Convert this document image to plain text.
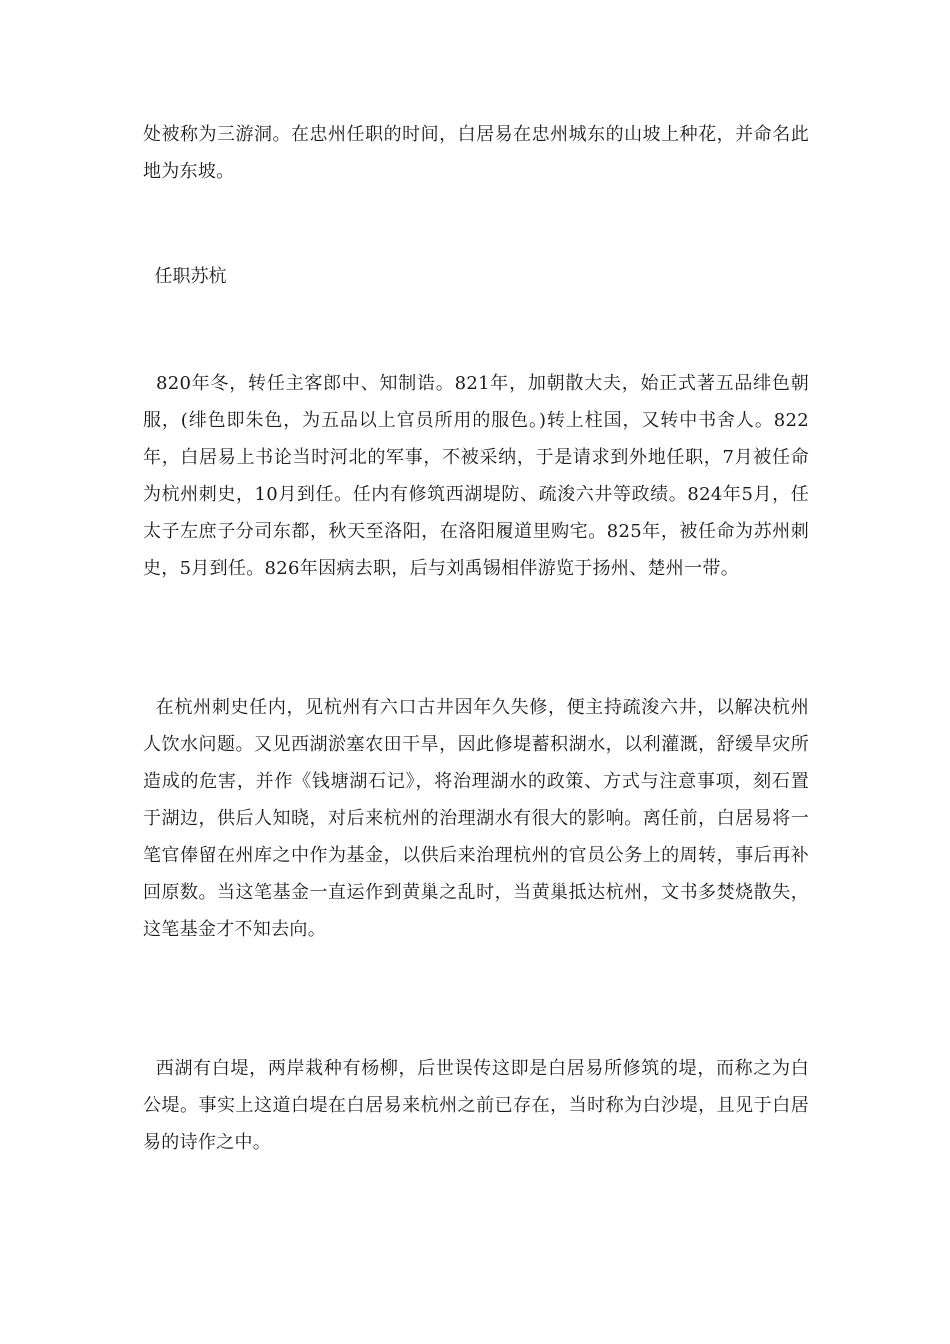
处被称为三游洞。在忠州任职的时间，白居易在忠州城东的山坡上种花，并命名此地为东坡。

任职苏杭

820年冬，转任主客郎中、知制诰。821年，加朝散大夫，始正式著五品绯色朝服，(绯色即朱色，为五品以上官员所用的服色。)转上柱国，又转中书舍人。822年，白居易上书论当时河北的军事，不被采纳，于是请求到外地任职，7月被任命为杭州刺史，10月到任。任内有修筑西湖堤防、疏浚六井等政绩。824年5月，任太子左庶子分司东都，秋天至洛阳，在洛阳履道里购宅。825年，被任命为苏州刺史，5月到任。826年因病去职，后与刘禹锡相伴游览于扬州、楚州一带。

在杭州刺史任内，见杭州有六口古井因年久失修，便主持疏浚六井，以解决杭州人饮水问题。又见西湖淤塞农田干旱，因此修堤蓄积湖水，以利灌溉，舒缓旱灾所造成的危害，并作《钱塘湖石记》，将治理湖水的政策、方式与注意事项，刻石置于湖边，供后人知晓，对后来杭州的治理湖水有很大的影响。离任前，白居易将一笔官俸留在州库之中作为基金，以供后来治理杭州的官员公务上的周转，事后再补回原数。当这笔基金一直运作到黄巢之乱时，当黄巢抵达杭州，文书多焚烧散失，这笔基金才不知去向。

西湖有白堤，两岸栽种有杨柳，后世误传这即是白居易所修筑的堤，而称之为白公堤。事实上这道白堤在白居易来杭州之前已存在，当时称为白沙堤，且见于白居易的诗作之中。
